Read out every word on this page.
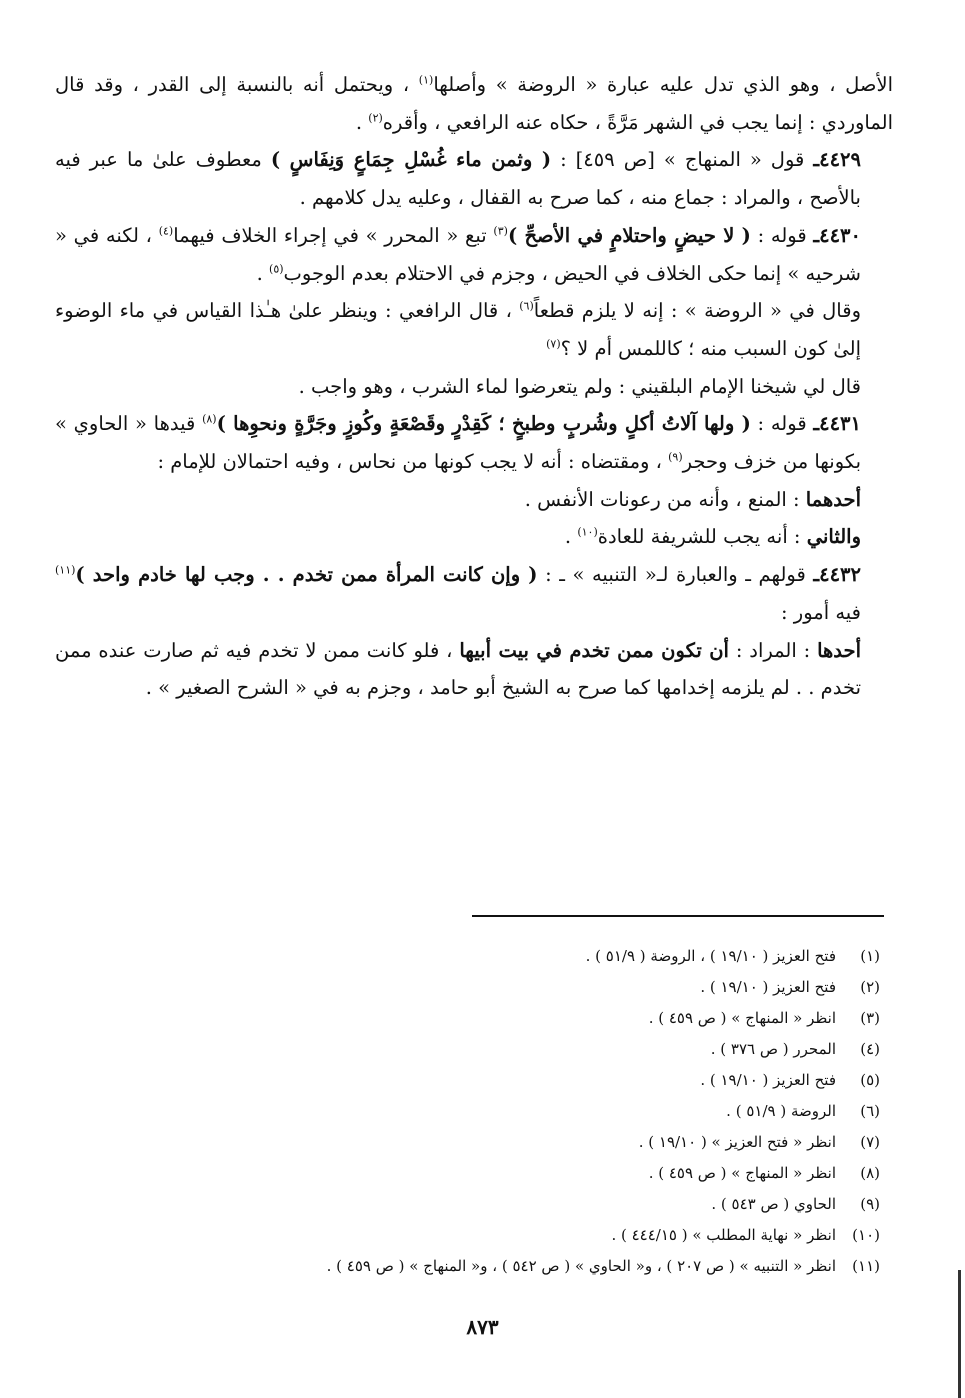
الأصل ، وهو الذي تدل عليه عبارة « الروضة » وأصلها$^{(١)}$ ، ويحتمل أنه بالنسبة إلى القدر ، وقد قال الماوردي : إنما يجب في الشهر مَرَّةً ، حكاه عنه الرافعي ، وأقره$^{(٢)}$ .

٤٤٢٩ـ قول « المنهاج » [ص ٤٥٩] : ( وثمن ماء غُسْلِ جِمَاعٍ وَنِفَاسٍ ) معطوف علىٰ ما عبر فيه بالأصح ، والمراد : جماع منه ، كما صرح به القفال ، وعليه يدل كلامهم .

٤٤٣٠ـ قوله : ( لا حيضٍ واحتلامٍ في الأصحِّ )$^{(٣)}$ تبع « المحرر » في إجراء الخلاف فيهما$^{(٤)}$ ، لكنه في « شرحيه » إنما حكى الخلاف في الحيض ، وجزم في الاحتلام بعدم الوجوب$^{(٥)}$ .

وقال في « الروضة » : إنه لا يلزم قطعاً$^{(٦)}$ ، قال الرافعي : وينظر علىٰ هـٰذا القياس في ماء الوضوء إلىٰ كون السبب منه ؛ كاللمس أم لا ؟$^{(٧)}$

قال لي شيخنا الإمام البلقيني : ولم يتعرضوا لماء الشرب ، وهو واجب .

٤٤٣١ـ قوله : ( ولها آلاتُ أكلٍ وشُربٍ وطبخٍ ؛ كَقِدْرٍ وقَصْعَةٍ وكُوزٍ وجَرَّةٍ ونحوِها )$^{(٨)}$ قيدها « الحاوي » بكونها من خزف وحجر$^{(٩)}$ ، ومقتضاه : أنه لا يجب كونها من نحاس ، وفيه احتمالان للإمام :

أحدهما : المنع ، وأنه من رعونات الأنفس .

والثاني : أنه يجب للشريفة للعادة$^{(١٠)}$ .

٤٤٣٢ـ قولهم ـ والعبارة لـ« التنبيه » ـ : ( وإن كانت المرأة ممن تخدم . . وجب لها خادم واحد )$^{(١١)}$ فيه أمور :

أحدها : المراد : أن تكون ممن تخدم في بيت أبيها ، فلو كانت ممن لا تخدم فيه ثم صارت عنده ممن تخدم . . لم يلزمه إخدامها كما صرح به الشيخ أبو حامد ، وجزم به في « الشرح الصغير » .

(١)فتح العزيز ( ١٩/١٠ ) ، الروضة ( ٥١/٩ ) .
(٢)فتح العزيز ( ١٩/١٠ ) .
(٣)انظر « المنهاج » ( ص ٤٥٩ ) .
(٤)المحرر ( ص ٣٧٦ ) .
(٥)فتح العزيز ( ١٩/١٠ ) .
(٦)الروضة ( ٥١/٩ ) .
(٧)انظر « فتح العزيز » ( ١٩/١٠ ) .
(٨)انظر « المنهاج » ( ص ٤٥٩ ) .
(٩)الحاوي ( ص ٥٤٣ ) .
(١٠)انظر « نهاية المطلب » ( ٤٤٤/١٥ ) .
(١١)انظر « التنبيه » ( ص ٢٠٧ ) ، و« الحاوي » ( ص ٥٤٢ ) ، و« المنهاج » ( ص ٤٥٩ ) .
٨٧٣
